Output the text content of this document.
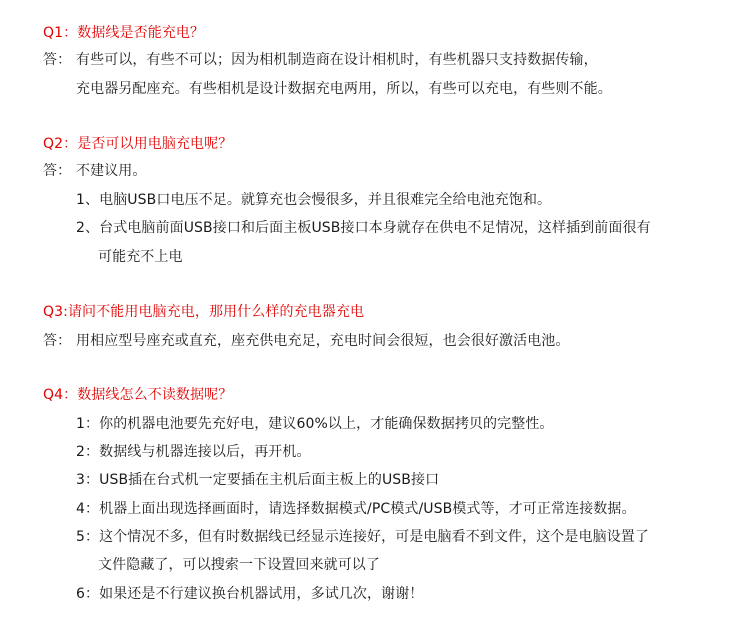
Q1：数据线是否能充电？
答： 有些可以，有些不可以；因为相机制造商在设计相机时，有些机器只支持数据传输，
充电器另配座充。有些相机是设计数据充电两用，所以，有些可以充电，有些则不能。
Q2：是否可以用电脑充电呢？
答： 不建议用。
1、电脑USB口电压不足。就算充也会慢很多，并且很难完全给电池充饱和。
2、台式电脑前面USB接口和后面主板USB接口本身就存在供电不足情况，这样插到前面很有
可能充不上电
Q3:请问不能用电脑充电，那用什么样的充电器充电
答： 用相应型号座充或直充，座充供电充足，充电时间会很短，也会很好激活电池。
Q4：数据线怎么不读数据呢？
1：你的机器电池要先充好电，建议60%以上，才能确保数据拷贝的完整性。
2：数据线与机器连接以后，再开机。
3：USB插在台式机一定要插在主机后面主板上的USB接口
4：机器上面出现选择画面时，请选择数据模式/PC模式/USB模式等，才可正常连接数据。
5：这个情况不多，但有时数据线已经显示连接好，可是电脑看不到文件，这个是电脑设置了
文件隐藏了，可以搜索一下设置回来就可以了
6：如果还是不行建议换台机器试用，多试几次，谢谢！
